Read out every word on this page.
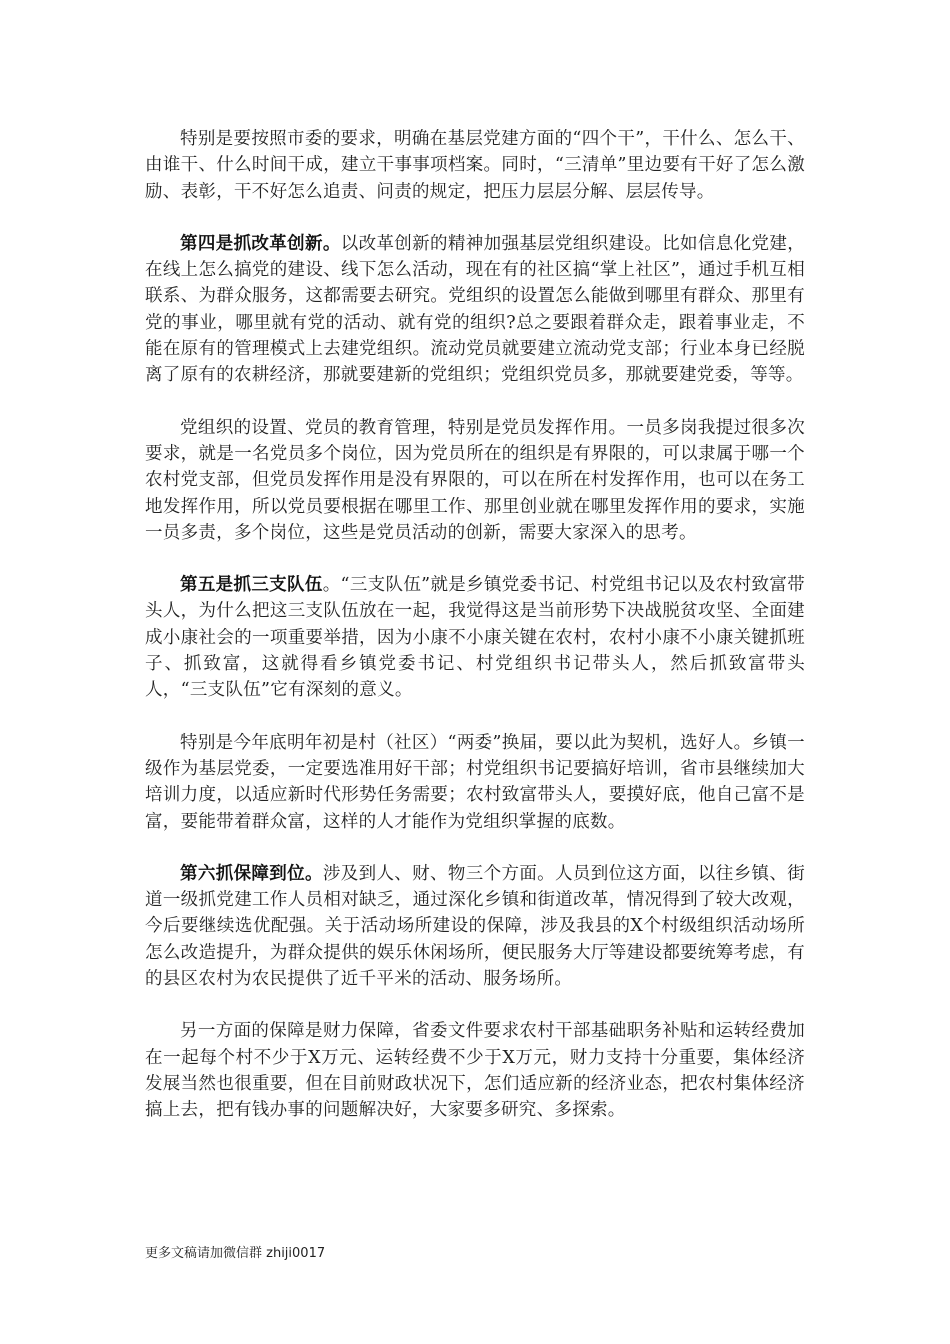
特别是要按照市委的要求，明确在基层党建方面的“四个干”，干什么、怎么干、由谁干、什么时间干成，建立干事事项档案。同时，“三清单”里边要有干好了怎么激励、表彰，干不好怎么追责、问责的规定，把压力层层分解、层层传导。

第四是抓改革创新。以改革创新的精神加强基层党组织建设。比如信息化党建，在线上怎么搞党的建设、线下怎么活动，现在有的社区搞“掌上社区”，通过手机互相联系、为群众服务，这都需要去研究。党组织的设置怎么能做到哪里有群众、那里有党的事业，哪里就有党的活动、就有党的组织?总之要跟着群众走，跟着事业走，不能在原有的管理模式上去建党组织。流动党员就要建立流动党支部；行业本身已经脱离了原有的农耕经济，那就要建新的党组织；党组织党员多，那就要建党委，等等。

党组织的设置、党员的教育管理，特别是党员发挥作用。一员多岗我提过很多次要求，就是一名党员多个岗位，因为党员所在的组织是有界限的，可以隶属于哪一个农村党支部，但党员发挥作用是没有界限的，可以在所在村发挥作用，也可以在务工地发挥作用，所以党员要根据在哪里工作、那里创业就在哪里发挥作用的要求，实施一员多责，多个岗位，这些是党员活动的创新，需要大家深入的思考。

第五是抓三支队伍。“三支队伍”就是乡镇党委书记、村党组书记以及农村致富带头人，为什么把这三支队伍放在一起，我觉得这是当前形势下决战脱贫攻坚、全面建成小康社会的一项重要举措，因为小康不小康关键在农村，农村小康不小康关键抓班子、抓致富，这就得看乡镇党委书记、村党组织书记带头人，然后抓致富带头人，“三支队伍”它有深刻的意义。

特别是今年底明年初是村（社区）“两委”换届，要以此为契机，选好人。乡镇一级作为基层党委，一定要选准用好干部；村党组织书记要搞好培训，省市县继续加大培训力度，以适应新时代形势任务需要；农村致富带头人，要摸好底，他自己富不是富，要能带着群众富，这样的人才能作为党组织掌握的底数。

第六抓保障到位。涉及到人、财、物三个方面。人员到位这方面，以往乡镇、街道一级抓党建工作人员相对缺乏，通过深化乡镇和街道改革，情况得到了较大改观，今后要继续选优配强。关于活动场所建设的保障，涉及我县的X个村级组织活动场所怎么改造提升，为群众提供的娱乐休闲场所，便民服务大厅等建设都要统筹考虑，有的县区农村为农民提供了近千平米的活动、服务场所。

另一方面的保障是财力保障，省委文件要求农村干部基础职务补贴和运转经费加在一起每个村不少于X万元、运转经费不少于X万元，财力支持十分重要，集体经济发展当然也很重要，但在目前财政状况下，怎们适应新的经济业态，把农村集体经济搞上去，把有钱办事的问题解决好，大家要多研究、多探索。

更多文稿请加微信群 zhiji0017
